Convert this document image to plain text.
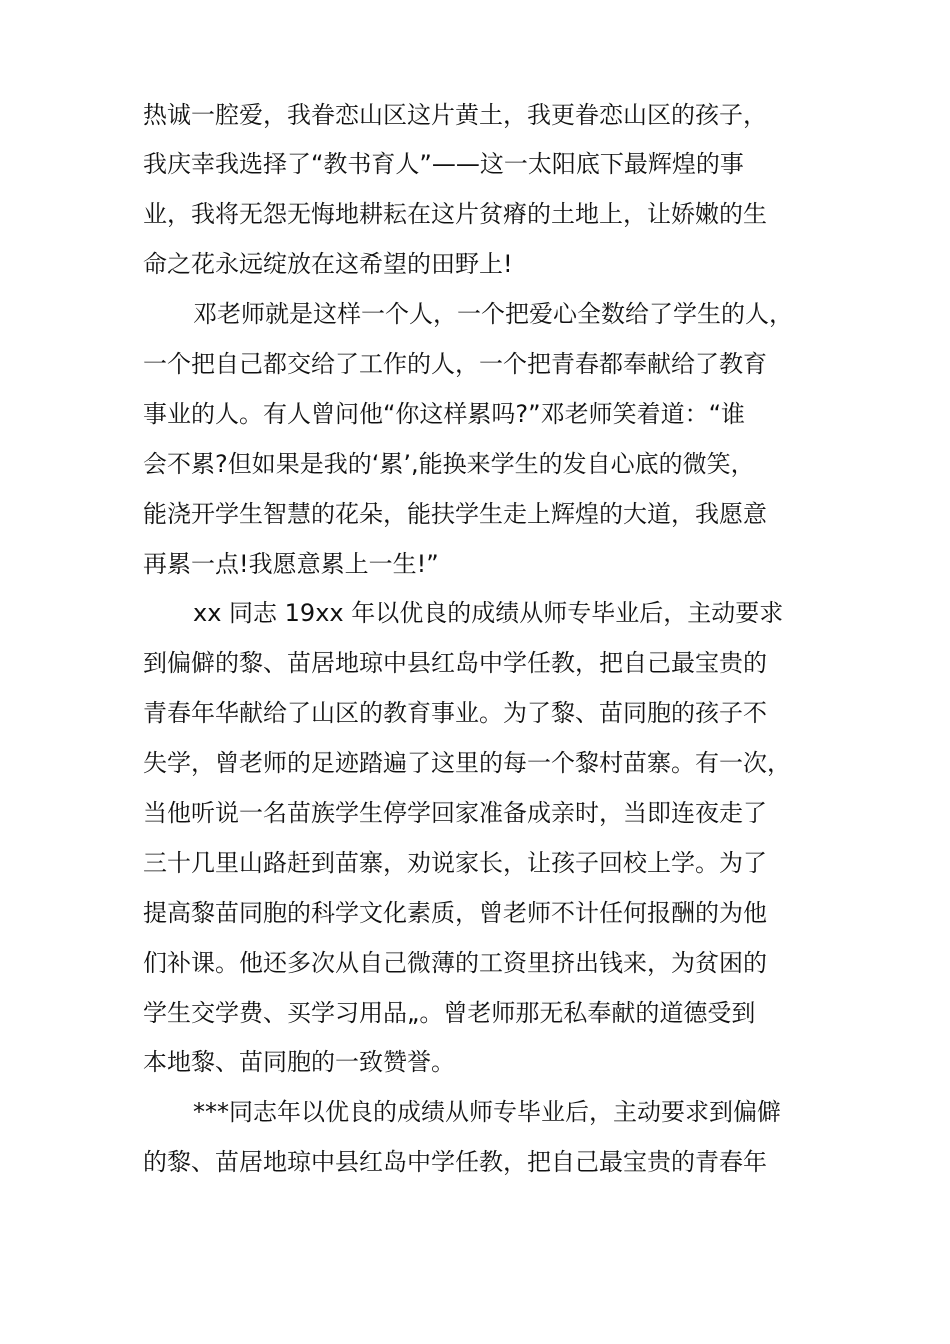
热诚一腔爱，我眷恋山区这片黄土，我更眷恋山区的孩子，
我庆幸我选择了“教书育人”——这一太阳底下最辉煌的事
业，我将无怨无悔地耕耘在这片贫瘠的土地上，让娇嫩的生
命之花永远绽放在这希望的田野上!
邓老师就是这样一个人，一个把爱心全数给了学生的人，
一个把自己都交给了工作的人，一个把青春都奉献给了教育
事业的人。有人曾问他“你这样累吗?”邓老师笑着道：“谁
会不累?但如果是我的‘累’,能换来学生的发自心底的微笑，
能浇开学生智慧的花朵，能扶学生走上辉煌的大道，我愿意
再累一点!我愿意累上一生!”
xx 同志 19xx 年以优良的成绩从师专毕业后，主动要求
到偏僻的黎、苗居地琼中县红岛中学任教，把自己最宝贵的
青春年华献给了山区的教育事业。为了黎、苗同胞的孩子不
失学，曾老师的足迹踏遍了这里的每一个黎村苗寨。有一次，
当他听说一名苗族学生停学回家准备成亲时，当即连夜走了
三十几里山路赶到苗寨，劝说家长，让孩子回校上学。为了
提高黎苗同胞的科学文化素质，曾老师不计任何报酬的为他
们补课。他还多次从自己微薄的工资里挤出钱来，为贫困的
学生交学费、买学习用品„。曾老师那无私奉献的道德受到
本地黎、苗同胞的一致赞誉。
***同志年以优良的成绩从师专毕业后，主动要求到偏僻
的黎、苗居地琼中县红岛中学任教，把自己最宝贵的青春年
